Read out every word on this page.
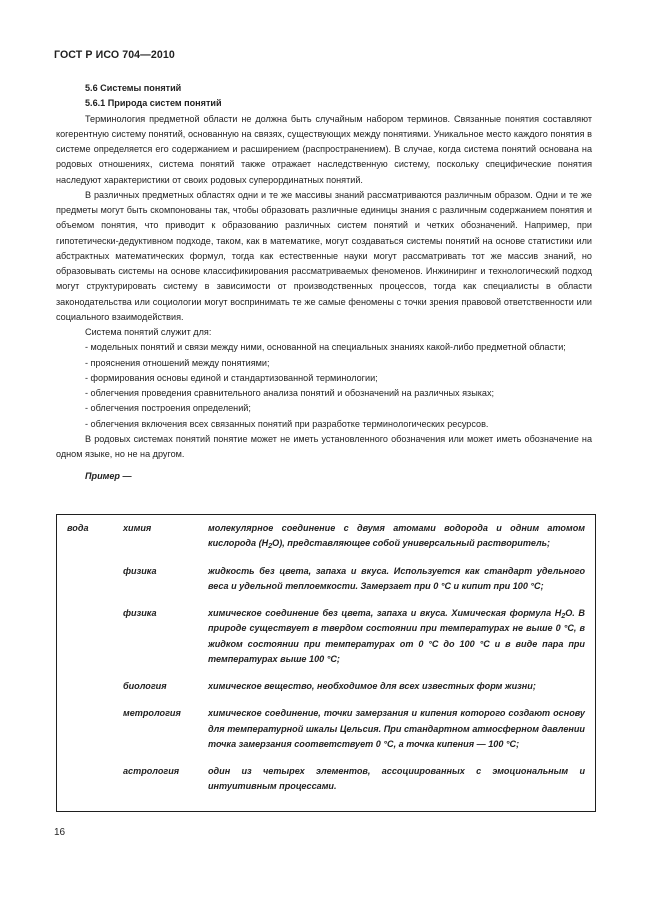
ГОСТ Р ИСО 704—2010

5.6 Системы понятий

5.6.1 Природа систем понятий

Терминология предметной области не должна быть случайным набором терминов. Связанные понятия составляют когерентную систему понятий, основанную на связях, существующих между понятиями. Уникальное место каждого понятия в системе определяется его содержанием и расширением (распространением). В случае, когда система понятий основана на родовых отношениях, система понятий также отражает наследственную систему, поскольку специфические понятия наследуют характеристики от своих родовых суперординатных понятий.

В различных предметных областях одни и те же массивы знаний рассматриваются различным образом. Одни и те же предметы могут быть скомпонованы так, чтобы образовать различные единицы знания с различным содержанием понятия и объемом понятия, что приводит к образованию различных систем понятий и четких обозначений. Например, при гипотетически-дедуктивном подходе, таком, как в математике, могут создаваться системы понятий на основе статистики или абстрактных математических формул, тогда как естественные науки могут рассматривать тот же массив знаний, но образовывать системы на основе классификирования рассматриваемых феноменов. Инжиниринг и технологический подход могут структурировать систему в зависимости от производственных процессов, тогда как специалисты в области законодательства или социологии могут воспринимать те же самые феномены с точки зрения правовой ответственности или социального взаимодействия.

Система понятий служит для:

- модельных понятий и связи между ними, основанной на специальных знаниях какой-либо предметной области;

- прояснения отношений между понятиями;

- формирования основы единой и стандартизованной терминологии;

- облегчения проведения сравнительного анализа понятий и обозначений на различных языках;

- облегчения построения определений;

- облегчения включения всех связанных понятий при разработке терминологических ресурсов.

В родовых системах понятий понятие может не иметь установленного обозначения или может иметь обозначение на одном языке, но не на другом.

Пример —

вода	химия	молекулярное соединение с двумя атомами водорода и одним атомом кислорода $(H_2O)$, представляющее собой универсальный растворитель;
	физика	жидкость без цвета, запаха и вкуса. Используется как стандарт удельного веса и удельной теплоемкости. Замерзает при 0 °C и кипит при 100 °C;
	физика	химическое соединение без цвета, запаха и вкуса. Химическая формула $H_2O$. В природе существует в твердом состоянии при температурах не выше 0 °C, в жидком состоянии при температурах от 0 °C до 100 °C и в виде пара при температурах выше 100 °C;
	биология	химическое вещество, необходимое для всех известных форм жизни;
	метрология	химическое соединение, точки замерзания и кипения которого создают основу для температурной шкалы Цельсия. При стандартном атмосферном давлении точка замерзания соответствует 0 °C, а точка кипения — 100 °C;
	астрология	один из четырех элементов, ассоциированных с эмоциональным и интуитивным процессами.

16
